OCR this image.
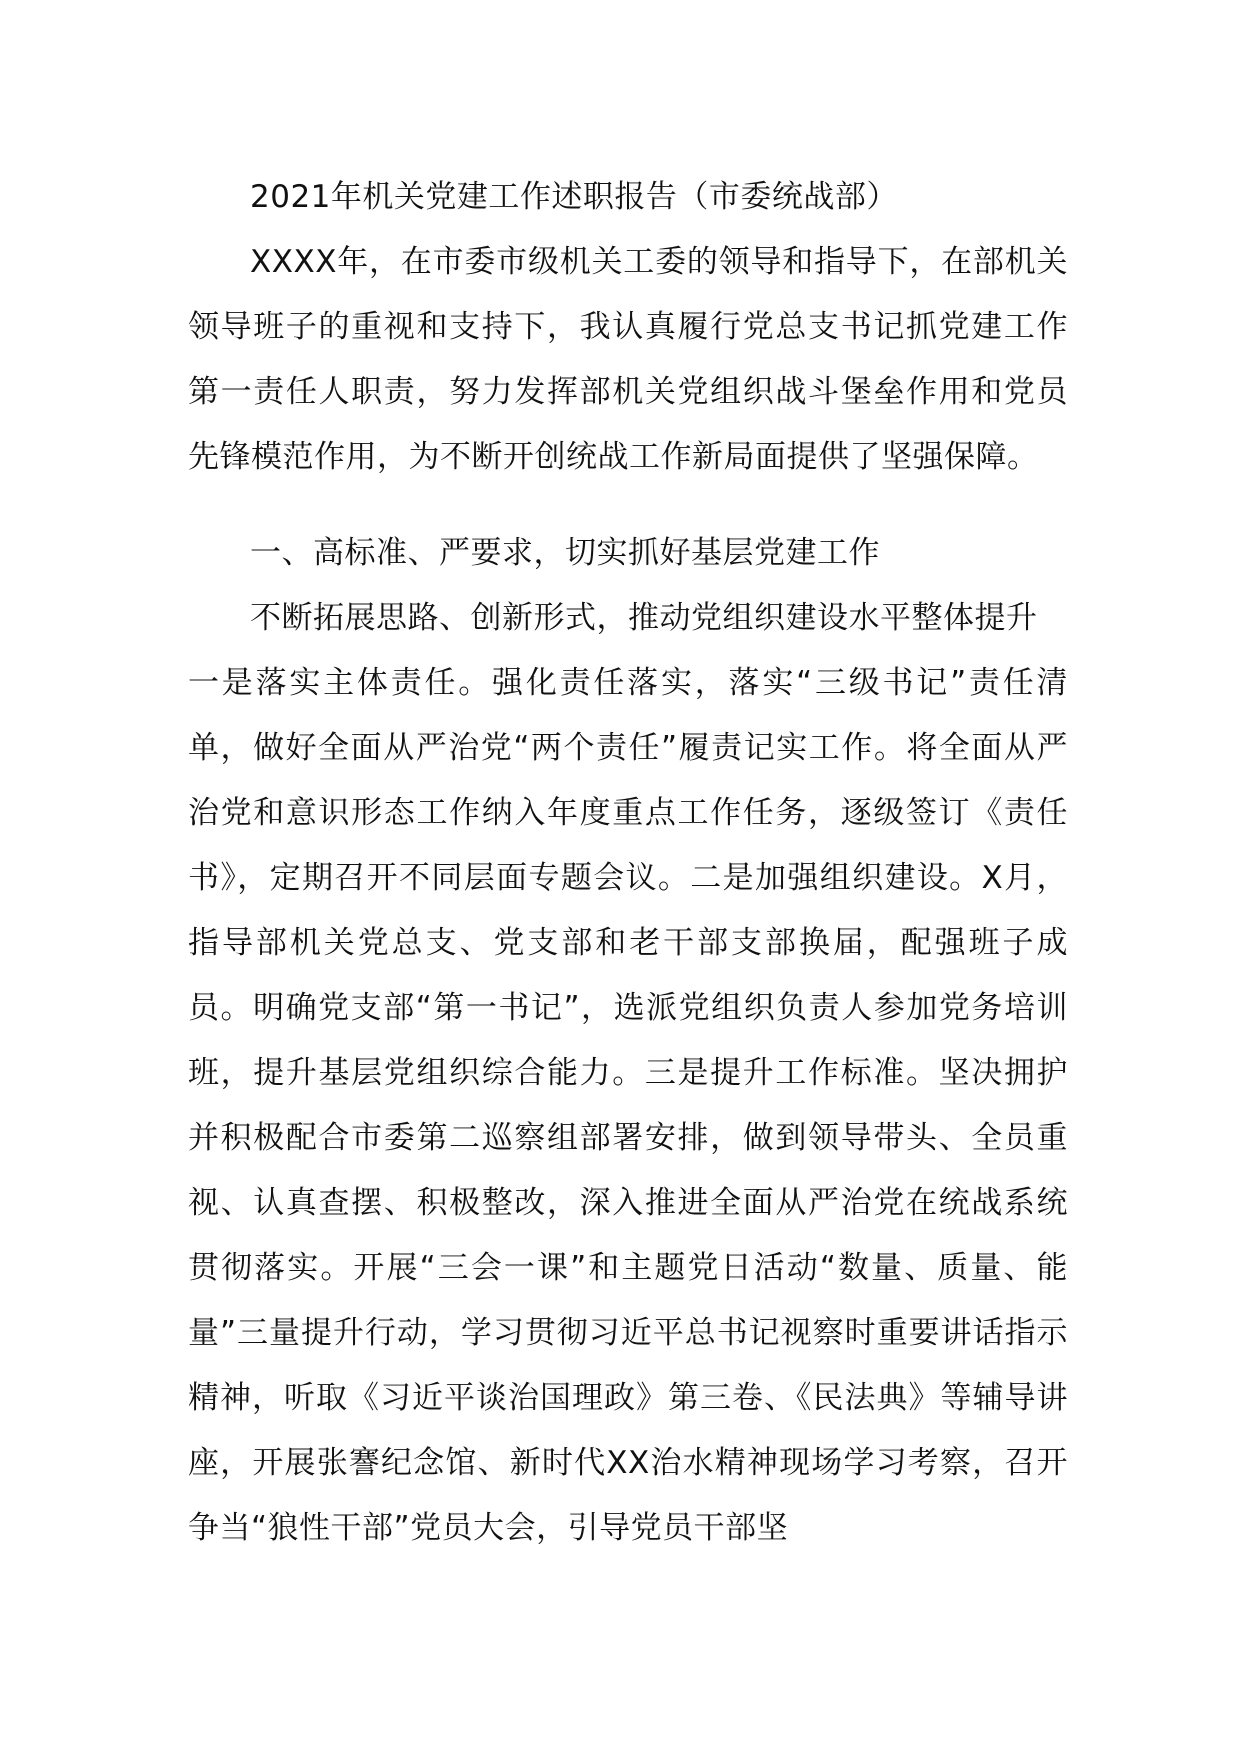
2021年机关党建工作述职报告（市委统战部）
XXXX年，在市委市级机关工委的领导和指导下，在部机关领导班子的重视和支持下，我认真履行党总支书记抓党建工作第一责任人职责，努力发挥部机关党组织战斗堡垒作用和党员先锋模范作用，为不断开创统战工作新局面提供了坚强保障。
一、高标准、严要求，切实抓好基层党建工作

不断拓展思路、创新形式，推动党组织建设水平整体提升

一是落实主体责任。强化责任落实，落实“三级书记”责任清单，做好全面从严治党“两个责任”履责记实工作。将全面从严治党和意识形态工作纳入年度重点工作任务，逐级签订《责任书》，定期召开不同层面专题会议。二是加强组织建设。X月，指导部机关党总支、党支部和老干部支部换届，配强班子成员。明确党支部“第一书记”，选派党组织负责人参加党务培训班，提升基层党组织综合能力。三是提升工作标准。坚决拥护并积极配合市委第二巡察组部署安排，做到领导带头、全员重视、认真查摆、积极整改，深入推进全面从严治党在统战系统贯彻落实。开展“三会一课”和主题党日活动“数量、质量、能量”三量提升行动，学习贯彻习近平总书记视察时重要讲话指示精神，听取《习近平谈治国理政》第三卷、《民法典》等辅导讲座，开展张謇纪念馆、新时代XX治水精神现场学习考察，召开争当“狼性干部”党员大会，引导党员干部坚
